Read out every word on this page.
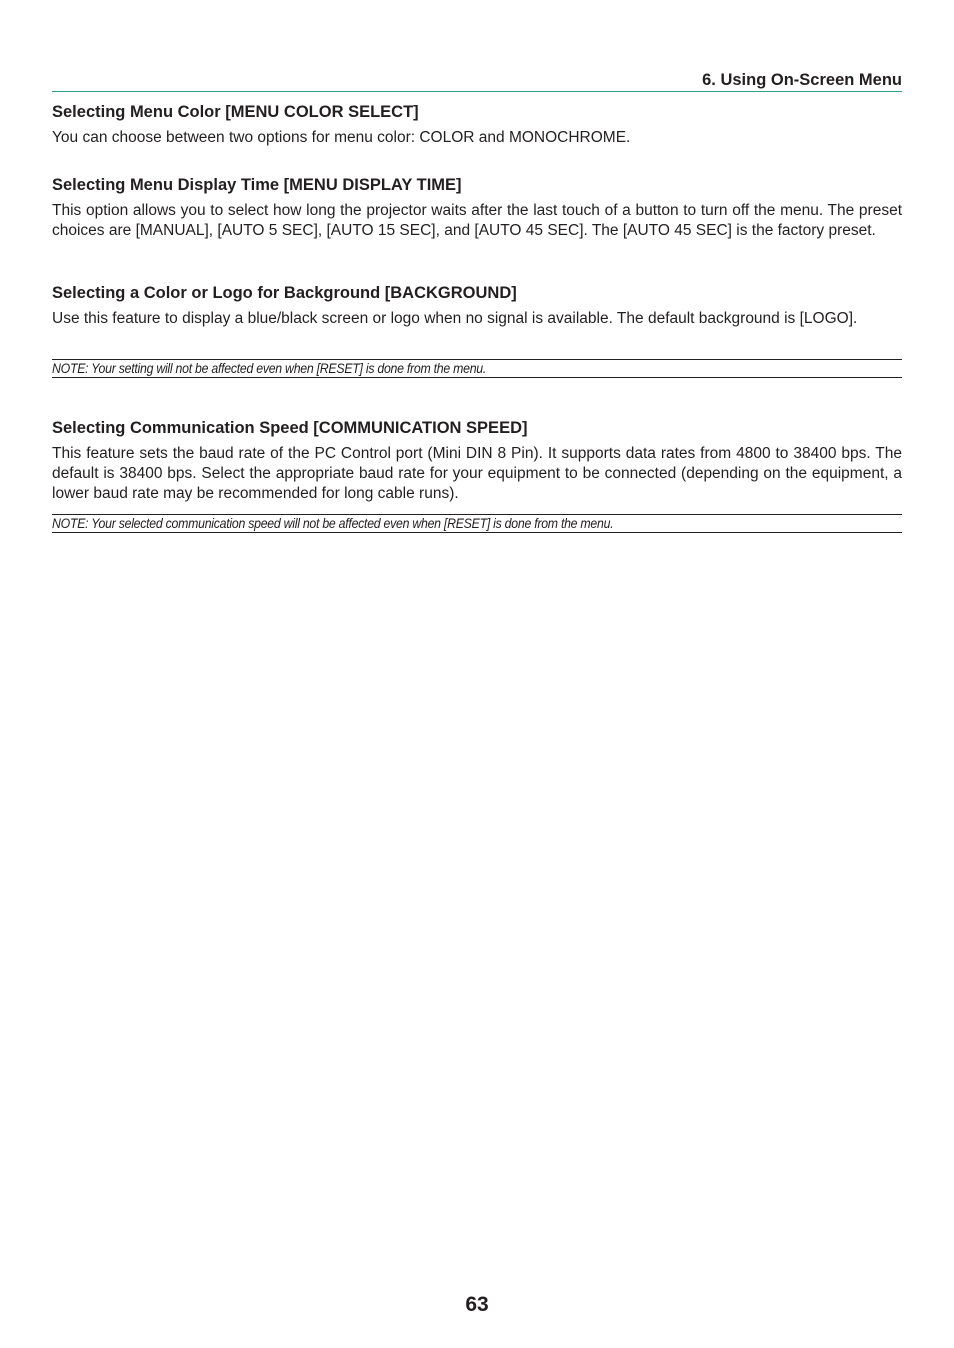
6. Using On-Screen Menu
Selecting Menu Color [MENU COLOR SELECT]

You can choose between two options for menu color: COLOR and MONOCHROME.

Selecting Menu Display Time [MENU DISPLAY TIME]

This option allows you to select how long the projector waits after the last touch of a button to turn off the menu. The preset choices are [MANUAL], [AUTO 5 SEC], [AUTO 15 SEC], and [AUTO 45 SEC]. The [AUTO 45 SEC] is the factory preset.

Selecting a Color or Logo for Background [BACKGROUND]

Use this feature to display a blue/black screen or logo when no signal is available. The default background is [LOGO].

NOTE: Your setting will not be affected even when [RESET] is done from the menu.
Selecting Communication Speed [COMMUNICATION SPEED]

This feature sets the baud rate of the PC Control port (Mini DIN 8 Pin). It supports data rates from 4800 to 38400 bps. The default is 38400 bps. Select the appropriate baud rate for your equipment to be connected (depending on the equipment, a lower baud rate may be recommended for long cable runs).

NOTE: Your selected communication speed will not be affected even when [RESET] is done from the menu.
63
